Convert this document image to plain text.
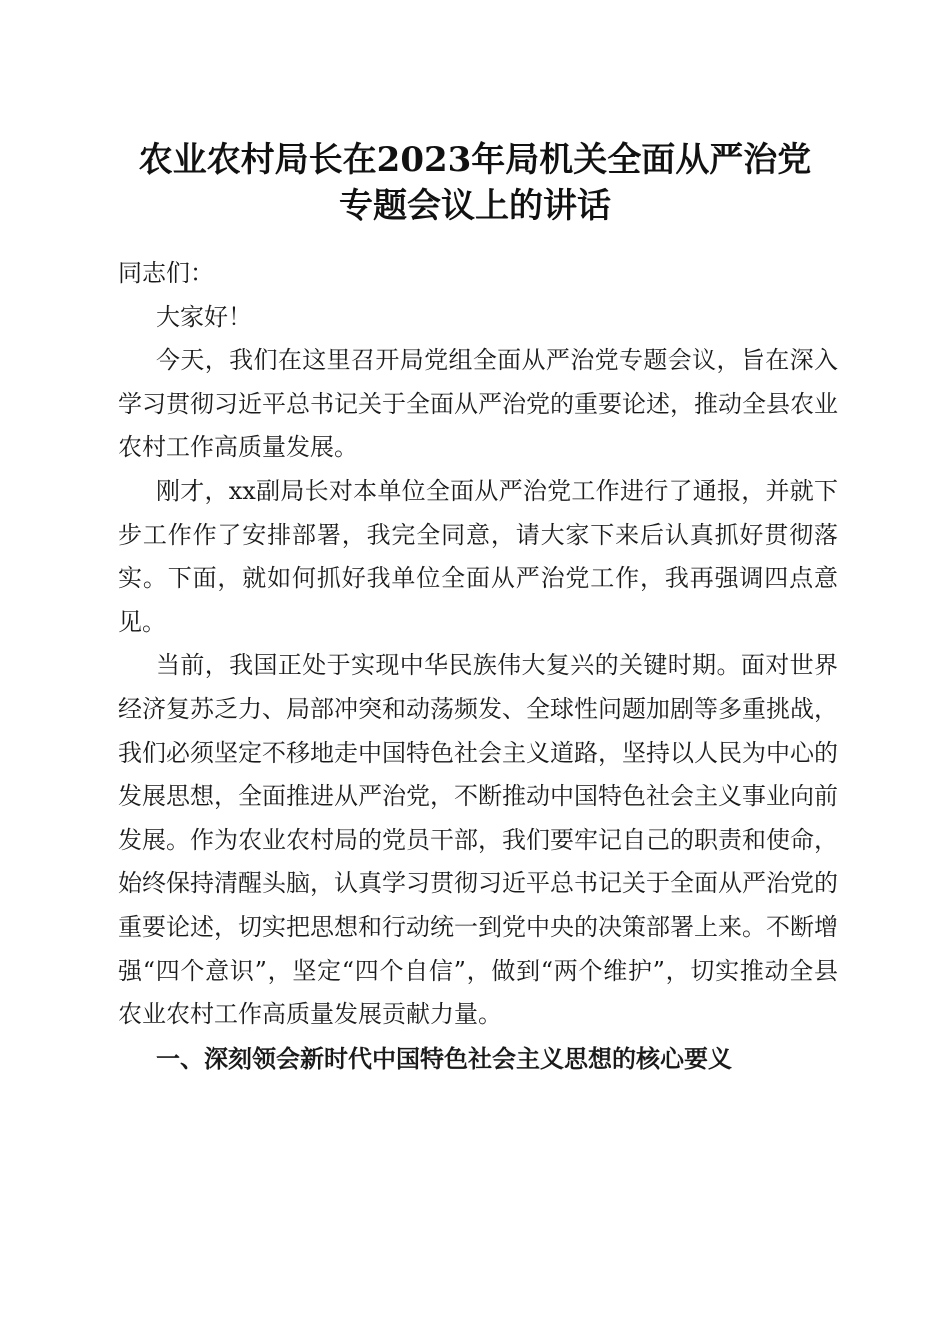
农业农村局长在2023年局机关全面从严治党
专题会议上的讲话

同志们：

大家好！

今天，我们在这里召开局党组全面从严治党专题会议，旨在深入学习贯彻习近平总书记关于全面从严治党的重要论述，推动全县农业农村工作高质量发展。

刚才，xx副局长对本单位全面从严治党工作进行了通报，并就下步工作作了安排部署，我完全同意，请大家下来后认真抓好贯彻落实。下面，就如何抓好我单位全面从严治党工作，我再强调四点意见。

当前，我国正处于实现中华民族伟大复兴的关键时期。面对世界经济复苏乏力、局部冲突和动荡频发、全球性问题加剧等多重挑战，我们必须坚定不移地走中国特色社会主义道路，坚持以人民为中心的发展思想，全面推进从严治党，不断推动中国特色社会主义事业向前发展。作为农业农村局的党员干部，我们要牢记自己的职责和使命，始终保持清醒头脑，认真学习贯彻习近平总书记关于全面从严治党的重要论述，切实把思想和行动统一到党中央的决策部署上来。不断增强“四个意识”，坚定“四个自信”，做到“两个维护”，切实推动全县农业农村工作高质量发展贡献力量。

一、深刻领会新时代中国特色社会主义思想的核心要义
